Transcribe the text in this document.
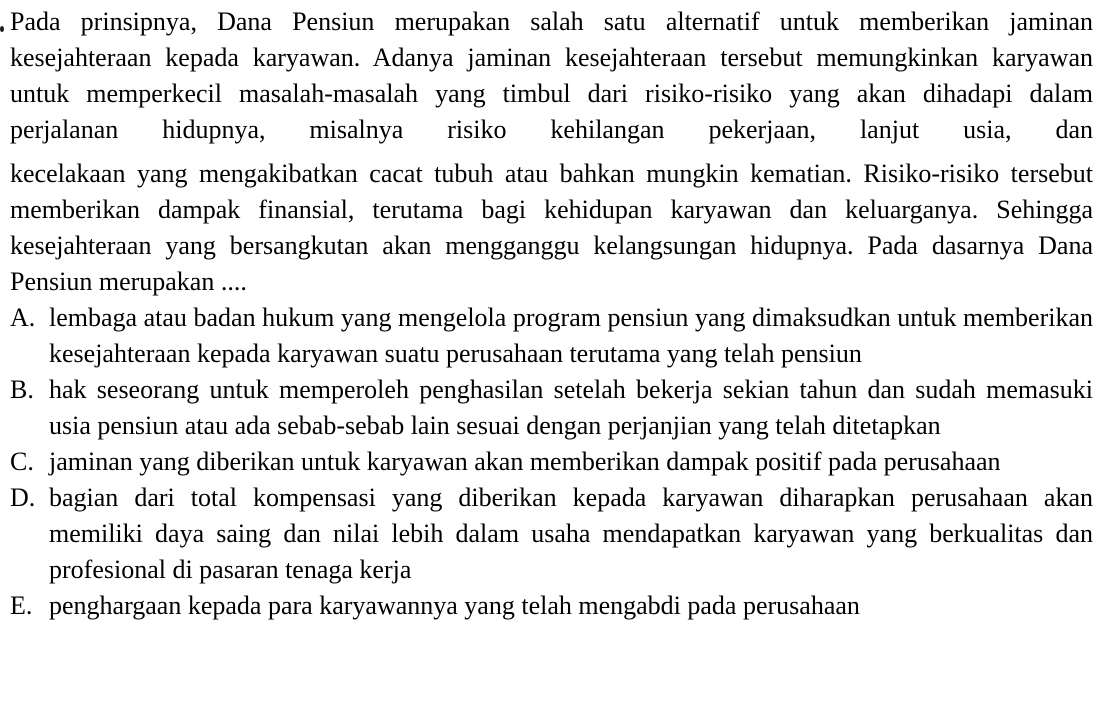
Pada prinsipnya, Dana Pensiun merupakan salah satu alternatif untuk memberikan jaminan kesejahteraan kepada karyawan. Adanya jaminan kesejahteraan tersebut memungkinkan karyawan untuk memperkecil masalah-masalah yang timbul dari risiko-risiko yang akan dihadapi dalam perjalanan hidupnya, misalnya risiko kehilangan pekerjaan, lanjut usia, dan
kecelakaan yang mengakibatkan cacat tubuh atau bahkan mungkin kematian. Risiko-risiko tersebut memberikan dampak finansial, terutama bagi kehidupan karyawan dan keluarganya. Sehingga kesejahteraan yang bersangkutan akan mengganggu kelangsungan hidupnya. Pada dasarnya Dana Pensiun merupakan ....
A. lembaga atau badan hukum yang mengelola program pensiun yang dimaksudkan untuk memberikan kesejahteraan kepada karyawan suatu perusahaan terutama yang telah pensiun
B. hak seseorang untuk memperoleh penghasilan setelah bekerja sekian tahun dan sudah memasuki usia pensiun atau ada sebab-sebab lain sesuai dengan perjanjian yang telah ditetapkan
C. jaminan yang diberikan untuk karyawan akan memberikan dampak positif pada perusahaan
D. bagian dari total kompensasi yang diberikan kepada karyawan diharapkan perusahaan akan memiliki daya saing dan nilai lebih dalam usaha mendapatkan karyawan yang berkualitas dan profesional di pasaran tenaga kerja
E. penghargaan kepada para karyawannya yang telah mengabdi pada perusahaan
